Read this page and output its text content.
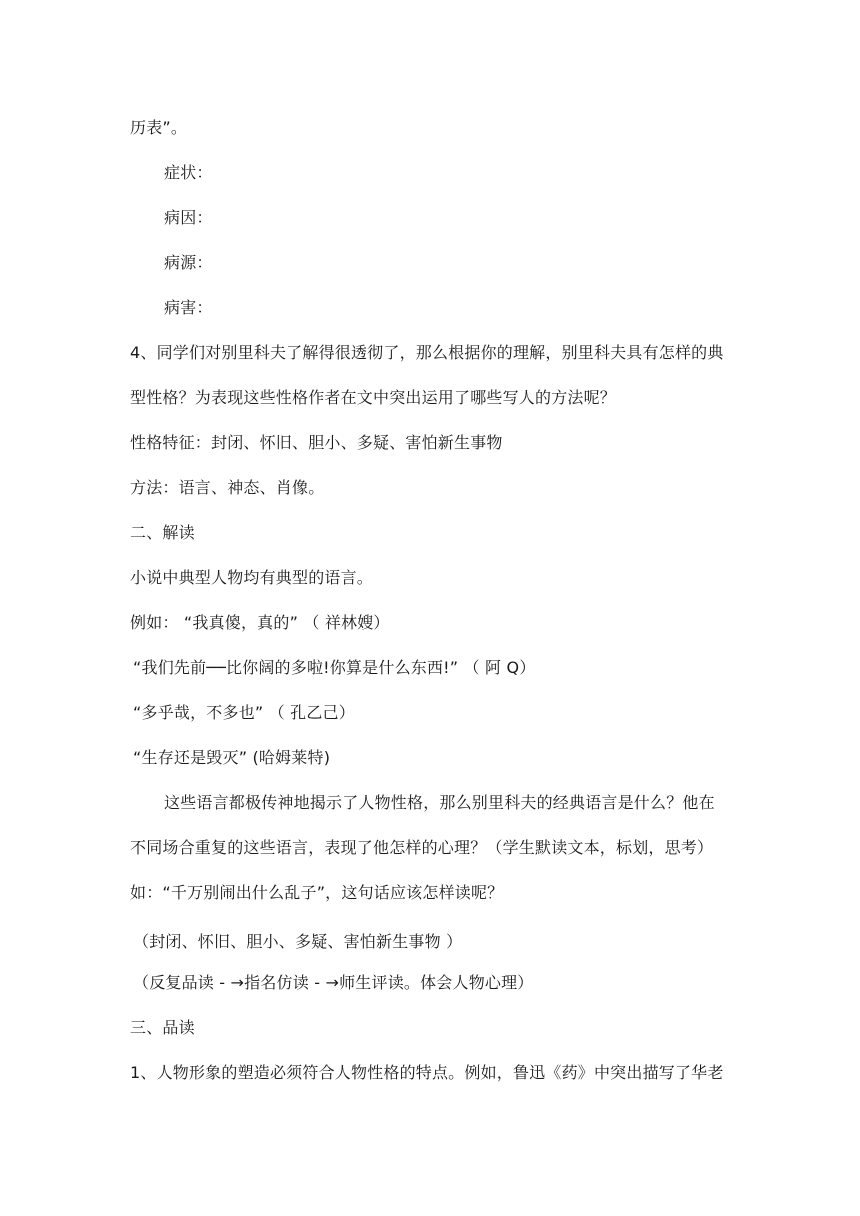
历表”。
症状：
病因：
病源：
病害：
4、同学们对别里科夫了解得很透彻了，那么根据你的理解，别里科夫具有怎样的典
型性格？为表现这些性格作者在文中突出运用了哪些写人的方法呢？
性格特征：封闭、怀旧、胆小、多疑、害怕新生事物
方法：语言、神态、肖像。
二、解读
小说中典型人物均有典型的语言。
例如： “我真傻，真的” （ 祥林嫂）
“我们先前──比你阔的多啦!你算是什么东西!” （ 阿 Q）
“多乎哉，不多也” （ 孔乙己）
“生存还是毁灭” (哈姆莱特)
这些语言都极传神地揭示了人物性格，那么别里科夫的经典语言是什么？他在
不同场合重复的这些语言，表现了他怎样的心理？（学生默读文本，标划，思考）
如：“千万别闹出什么乱子”，这句话应该怎样读呢？
（封闭、怀旧、胆小、多疑、害怕新生事物 ）
（反复品读 - →指名仿读 - →师生评读。体会人物心理）
三、品读
1、人物形象的塑造必须符合人物性格的特点。例如，鲁迅《药》中突出描写了华老
